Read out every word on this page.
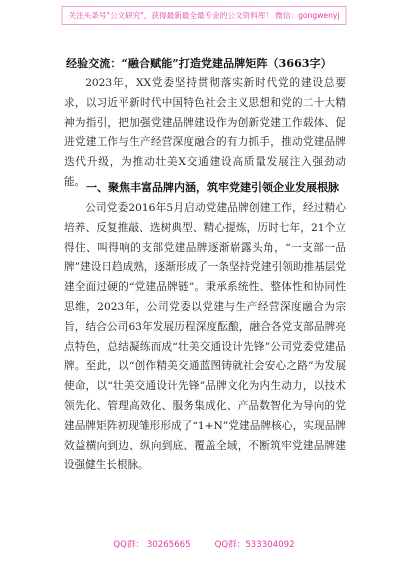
关注头条号"公文研究"，获得最新最全最专业的公文资料库！ 微信：gongwenyj
经验交流：“融合赋能”打造党建品牌矩阵（3663字）

2023年，XX党委坚持贯彻落实新时代党的建设总要求，以习近平新时代中国特色社会主义思想和党的二十大精神为指引，把加强党建品牌建设作为创新党建工作载体、促进党建工作与生产经营深度融合的有力抓手，推动党建品牌迭代升级，为推动壮美X交通建设高质量发展注入强劲动能。 一、聚焦丰富品牌内涵，筑牢党建引领企业发展根脉

公司党委2016年5月启动党建品牌创建工作，经过精心培养、反复推敲、选树典型、精心提炼，历时七年，21个立得住、叫得响的支部党建品牌逐渐崭露头角，“一支部一品牌”建设日趋成熟，逐渐形成了一条坚持党建引领助推基层党建全面过硬的“党建品牌链”。秉承系统性、整体性和协同性思维，2023年，公司党委以党建与生产经营深度融合为宗旨，结合公司63年发展历程深度酝酿，融合各党支部品牌亮点特色，总结凝练而成“壮美交通设计先锋”公司党委党建品牌。至此，以“创作精美交通蓝图铸就社会安心之路”为发展使命，以“壮美交通设计先锋”品牌文化为内生动力，以技术领先化、管理高效化、服务集成化、产品数智化为导向的党建品牌矩阵初现雏形形成了“1+N”党建品牌核心，实现品牌效益横向到边、纵向到底、覆盖全域，不断筑牢党建品牌建设强健生长根脉。

QQ群： 30265665	QQ群：533304092
